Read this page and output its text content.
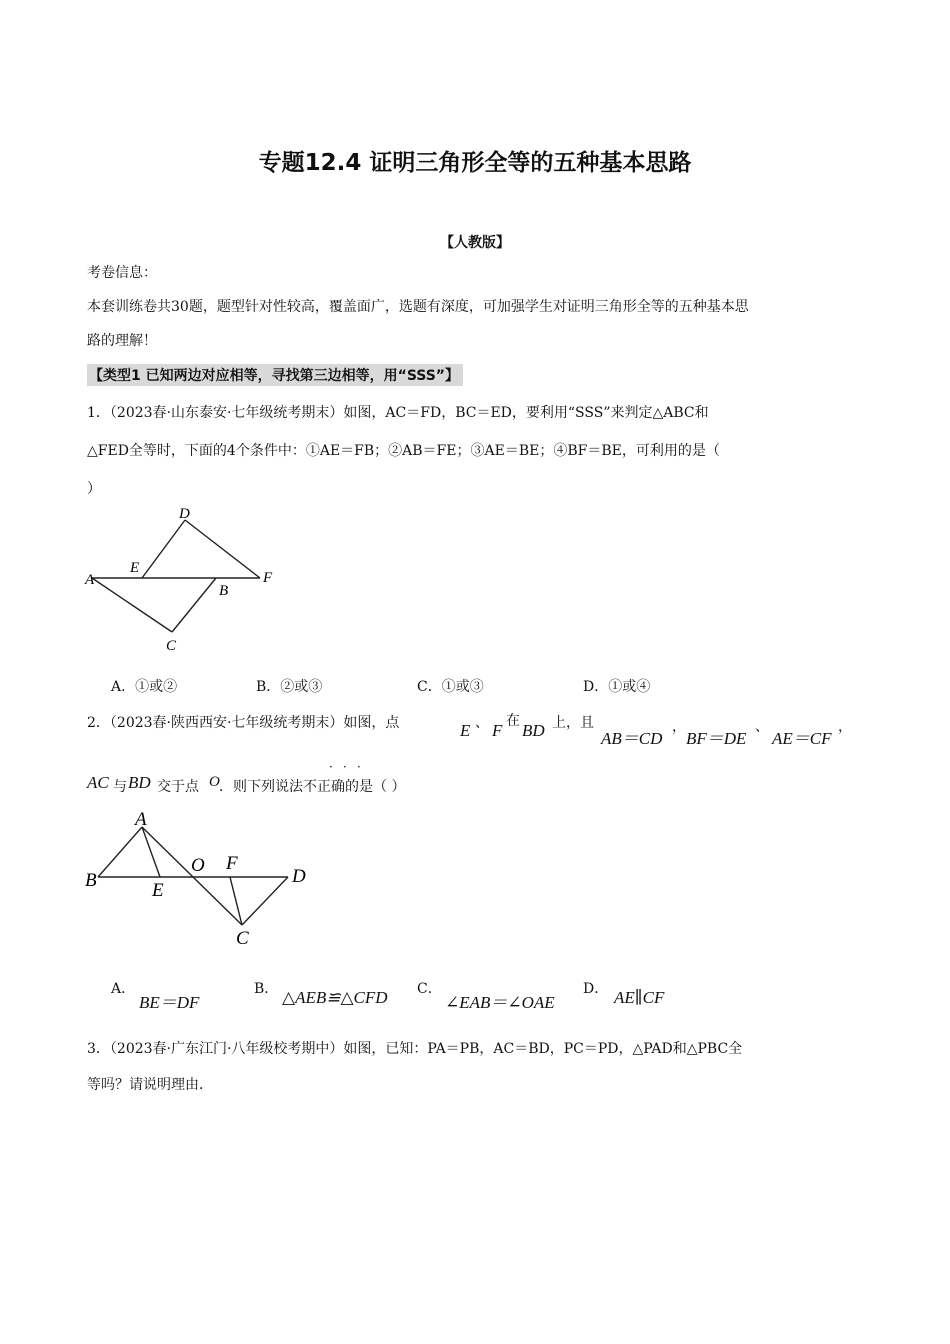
专题12.4 证明三角形全等的五种基本思路
【人教版】
考卷信息：
本套训练卷共30题，题型针对性较高，覆盖面广，选题有深度，可加强学生对证明三角形全等的五种基本思
路的理解！
【类型1 已知两边对应相等，寻找第三边相等，用“SSS”】
1．（2023春·山东泰安·七年级统考期末）如图，AC＝FD，BC＝ED，要利用“SSS”来判定△ABC和
△FED全等时，下面的4个条件中：①AE＝FB；②AB＝FE；③AE＝BE；④BF＝BE，可利用的是（
）
D
E
A
B
F
C
A．①或②	B．②或③	C．①或③	D．①或④
2．（2023春·陕西西安·七年级统考期末）如图，点	E 、 F 在 BD 上，且
AB＝CD
，
BF＝DE
、
AE＝CF
，
AC 与 BD 交于点 O ．则下列说法不正确的是（ ）
· · ·
A
B	E
O F
D
C
A．
BE＝DF
B． △AEB≌△CFD C．
∠EAB＝∠OAE
D． AE∥CF
3．（2023春·广东江门·八年级校考期中）如图，已知：PA＝PB，AC＝BD，PC＝PD，△PAD和△PBC全
等吗？请说明理由．
